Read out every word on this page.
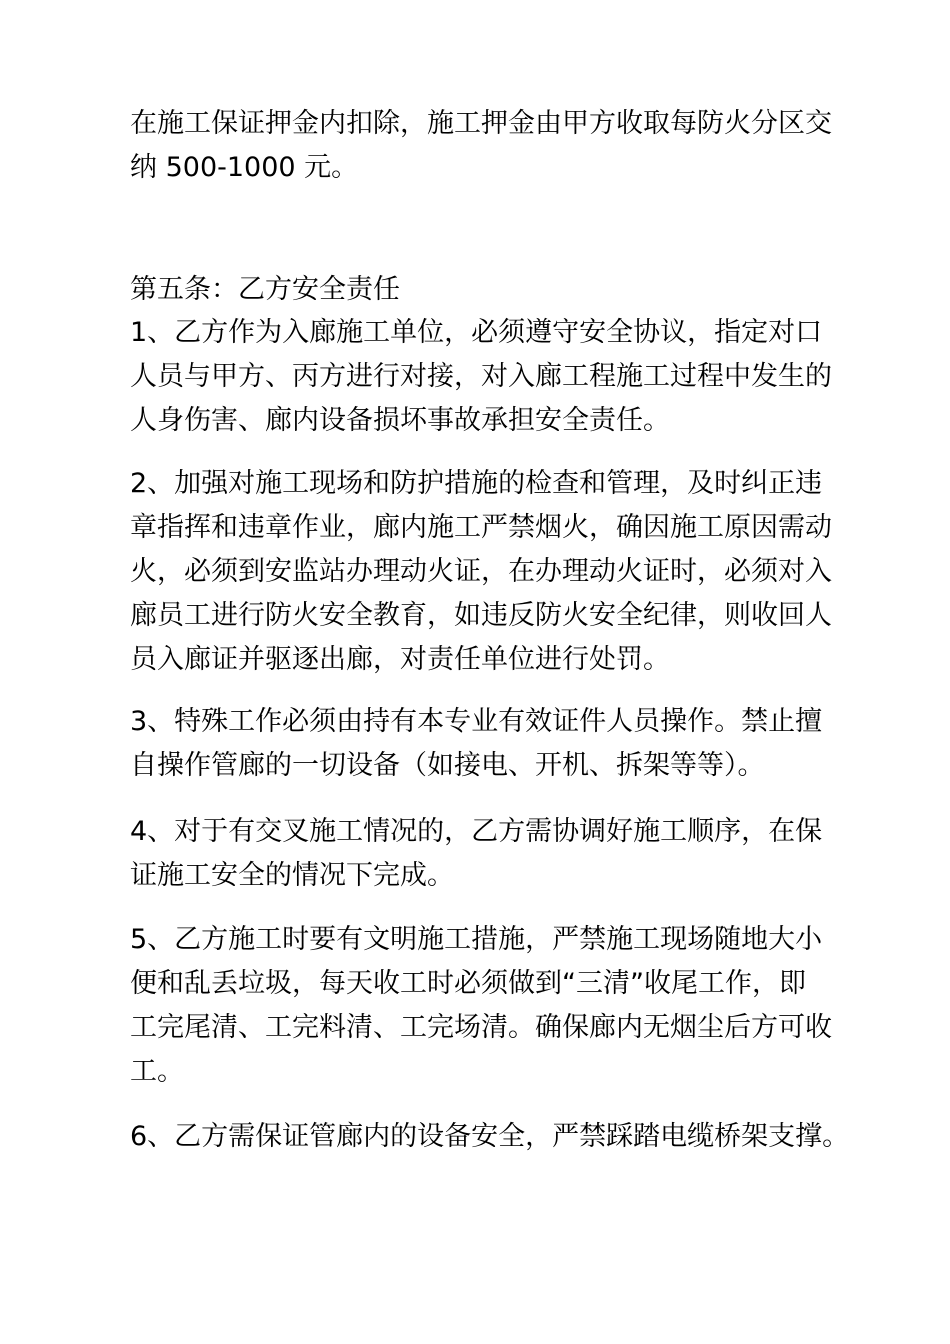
在施工保证押金内扣除，施工押金由甲方收取每防火分区交
纳 500-1000 元。
第五条：乙方安全责任
1、乙方作为入廊施工单位，必须遵守安全协议，指定对口
人员与甲方、丙方进行对接，对入廊工程施工过程中发生的
人身伤害、廊内设备损坏事故承担安全责任。
2、加强对施工现场和防护措施的检查和管理，及时纠正违
章指挥和违章作业，廊内施工严禁烟火，确因施工原因需动
火，必须到安监站办理动火证，在办理动火证时，必须对入
廊员工进行防火安全教育，如违反防火安全纪律，则收回人
员入廊证并驱逐出廊，对责任单位进行处罚。
3、特殊工作必须由持有本专业有效证件人员操作。禁止擅
自操作管廊的一切设备（如接电、开机、拆架等等）。
4、对于有交叉施工情况的，乙方需协调好施工顺序，在保
证施工安全的情况下完成。
5、乙方施工时要有文明施工措施，严禁施工现场随地大小
便和乱丢垃圾，每天收工时必须做到“三清”收尾工作，即
工完尾清、工完料清、工完场清。确保廊内无烟尘后方可收
工。
6、乙方需保证管廊内的设备安全，严禁踩踏电缆桥架支撑。
